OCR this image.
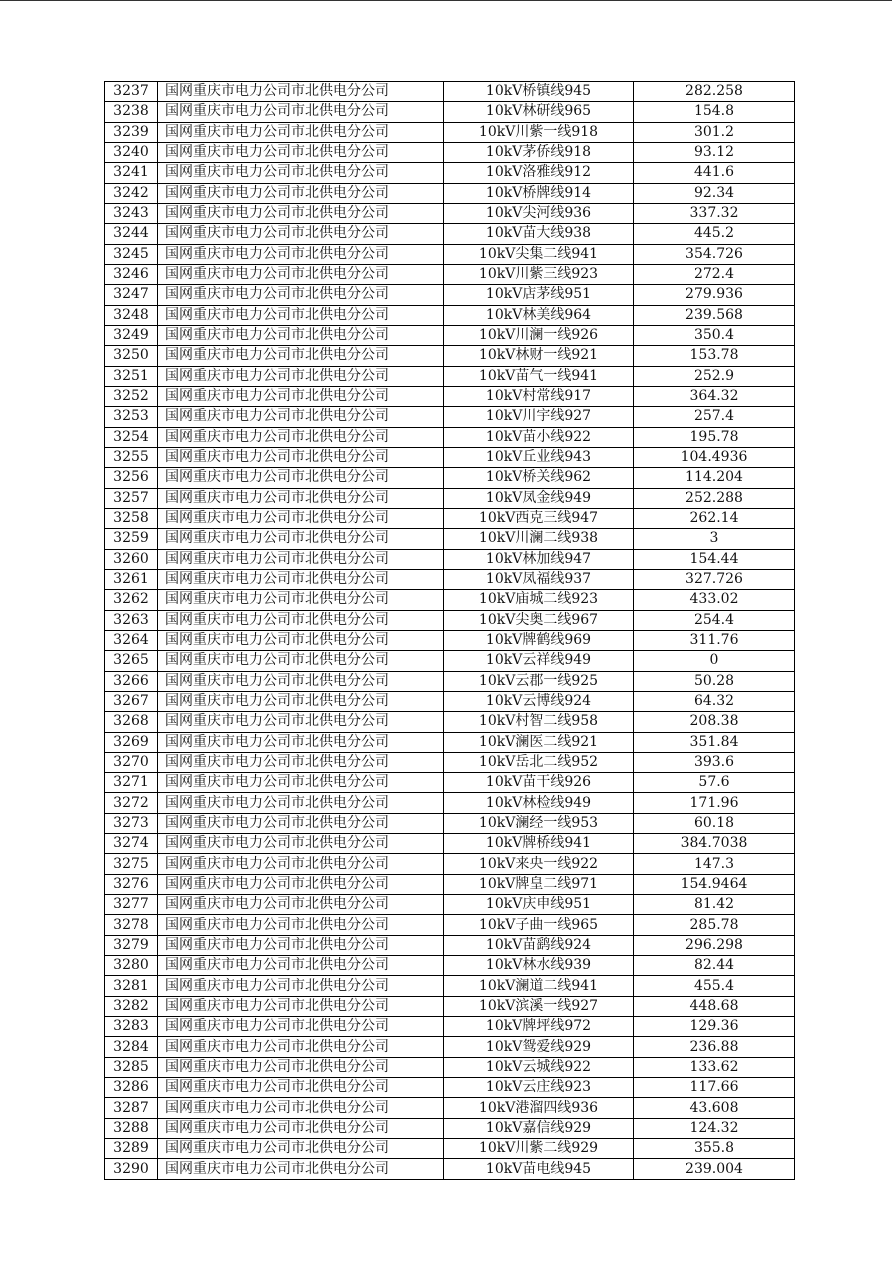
3237	国网重庆市电力公司市北供电分公司	10kV桥镇线945	282.258
3238	国网重庆市电力公司市北供电分公司	10kV林研线965	154.8
3239	国网重庆市电力公司市北供电分公司	10kV川紫一线918	301.2
3240	国网重庆市电力公司市北供电分公司	10kV茅侨线918	93.12
3241	国网重庆市电力公司市北供电分公司	10kV洛雅线912	441.6
3242	国网重庆市电力公司市北供电分公司	10kV桥牌线914	92.34
3243	国网重庆市电力公司市北供电分公司	10kV尖河线936	337.32
3244	国网重庆市电力公司市北供电分公司	10kV苗大线938	445.2
3245	国网重庆市电力公司市北供电分公司	10kV尖集二线941	354.726
3246	国网重庆市电力公司市北供电分公司	10kV川紫三线923	272.4
3247	国网重庆市电力公司市北供电分公司	10kV店茅线951	279.936
3248	国网重庆市电力公司市北供电分公司	10kV林美线964	239.568
3249	国网重庆市电力公司市北供电分公司	10kV川澜一线926	350.4
3250	国网重庆市电力公司市北供电分公司	10kV林财一线921	153.78
3251	国网重庆市电力公司市北供电分公司	10kV苗气一线941	252.9
3252	国网重庆市电力公司市北供电分公司	10kV村常线917	364.32
3253	国网重庆市电力公司市北供电分公司	10kV川宇线927	257.4
3254	国网重庆市电力公司市北供电分公司	10kV苗小线922	195.78
3255	国网重庆市电力公司市北供电分公司	10kV丘业线943	104.4936
3256	国网重庆市电力公司市北供电分公司	10kV桥关线962	114.204
3257	国网重庆市电力公司市北供电分公司	10kV凤金线949	252.288
3258	国网重庆市电力公司市北供电分公司	10kV西克三线947	262.14
3259	国网重庆市电力公司市北供电分公司	10kV川澜二线938	3
3260	国网重庆市电力公司市北供电分公司	10kV林加线947	154.44
3261	国网重庆市电力公司市北供电分公司	10kV凤福线937	327.726
3262	国网重庆市电力公司市北供电分公司	10kV庙城二线923	433.02
3263	国网重庆市电力公司市北供电分公司	10kV尖奥二线967	254.4
3264	国网重庆市电力公司市北供电分公司	10kV牌鹤线969	311.76
3265	国网重庆市电力公司市北供电分公司	10kV云祥线949	0
3266	国网重庆市电力公司市北供电分公司	10kV云郡一线925	50.28
3267	国网重庆市电力公司市北供电分公司	10kV云博线924	64.32
3268	国网重庆市电力公司市北供电分公司	10kV村智二线958	208.38
3269	国网重庆市电力公司市北供电分公司	10kV澜医二线921	351.84
3270	国网重庆市电力公司市北供电分公司	10kV岳北二线952	393.6
3271	国网重庆市电力公司市北供电分公司	10kV苗干线926	57.6
3272	国网重庆市电力公司市北供电分公司	10kV林检线949	171.96
3273	国网重庆市电力公司市北供电分公司	10kV澜经一线953	60.18
3274	国网重庆市电力公司市北供电分公司	10kV牌桥线941	384.7038
3275	国网重庆市电力公司市北供电分公司	10kV来央一线922	147.3
3276	国网重庆市电力公司市北供电分公司	10kV牌皇二线971	154.9464
3277	国网重庆市电力公司市北供电分公司	10kV庆申线951	81.42
3278	国网重庆市电力公司市北供电分公司	10kV子曲一线965	285.78
3279	国网重庆市电力公司市北供电分公司	10kV苗鹞线924	296.298
3280	国网重庆市电力公司市北供电分公司	10kV林水线939	82.44
3281	国网重庆市电力公司市北供电分公司	10kV澜道二线941	455.4
3282	国网重庆市电力公司市北供电分公司	10kV滨溪一线927	448.68
3283	国网重庆市电力公司市北供电分公司	10kV牌坪线972	129.36
3284	国网重庆市电力公司市北供电分公司	10kV鸳爱线929	236.88
3285	国网重庆市电力公司市北供电分公司	10kV云城线922	133.62
3286	国网重庆市电力公司市北供电分公司	10kV云庄线923	117.66
3287	国网重庆市电力公司市北供电分公司	10kV港溜四线936	43.608
3288	国网重庆市电力公司市北供电分公司	10kV嘉信线929	124.32
3289	国网重庆市电力公司市北供电分公司	10kV川紫二线929	355.8
3290	国网重庆市电力公司市北供电分公司	10kV苗电线945	239.004
